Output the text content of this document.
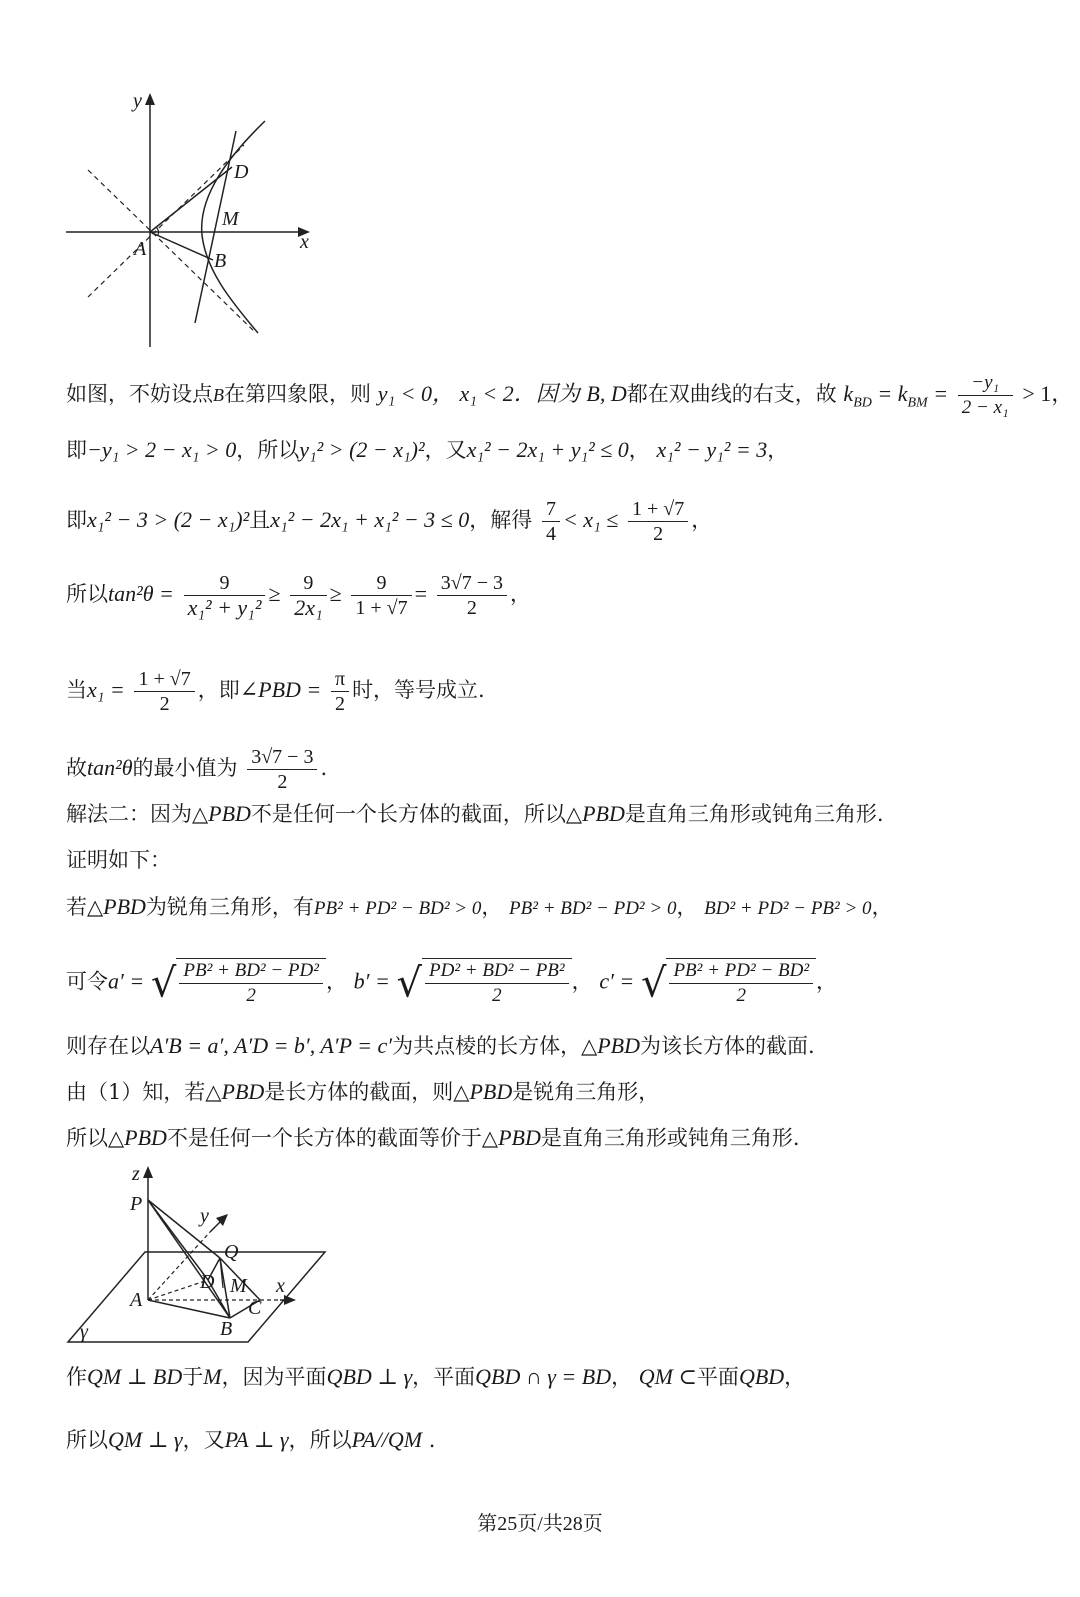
y
x
D
M
A
B
如图，不妨设点B在第四象限，则 y₁ < 0， x₁ < 2．因为 B, D都在双曲线的右支，故 $k_{BD} = k_{BM} = \frac{\text{−y₁}}{\text{2 − x₁}} > 1$，
即−y₁ > 2 − x₁ > 0，所以y₁² > (2 − x₁)²，又x₁² − 2x₁ + y₁² ≤ 0， x₁² − y₁² = 3，
即x₁² − 3 > (2 − x₁)²且x₁² − 2x₁ + x₁² − 3 ≤ 0，解得 $\frac{7}{4} < x_1 \le \frac{1 + √7}{2}$ ，
所以$\tan^2\theta = \frac{9}{\text{x₁² + y₁²}} \ge \frac{9}{\text{2x₁}} \ge \frac{9}{1 + √7} = \frac{3√7 - 3}{2}$ ，
当$x_1 = \frac{1 + √7}{2}$ ，即∠PBD = $\frac{\pi}{2}$ 时，等号成立.
故tan²θ的最小值为 $\frac{3√7 - 3}{2}$ .
解法二：因为△PBD不是任何一个长方体的截面，所以△PBD是直角三角形或钝角三角形.
证明如下：
若△PBD为锐角三角形，有PB² + PD² − BD² > 0， PB² + BD² − PD² > 0， BD² + PD² − PB² > 0，
可令a′ = √ $\frac{\text{PB² + BD² − PD²}}{2}$ ， b′ = √ $\frac{\text{PD² + BD² − PB²}}{2}$ ， c′ = √ $\frac{\text{PB² + PD² − BD²}}{2}$ ，
则存在以A′B = a′, A′D = b′, A′P = c′为共点棱的长方体，△PBD为该长方体的截面.
由（1）知，若△PBD是长方体的截面，则△PBD是锐角三角形，
所以△PBD不是任何一个长方体的截面等价于△PBD是直角三角形或钝角三角形.
z
P
y
Q
D M x
A	C
B
γ
作QM ⊥ BD于M，因为平面QBD ⊥ γ，平面QBD ∩ γ = BD， QM ⊂平面QBD，
所以QM ⊥ γ，又PA ⊥ γ，所以PA//QM .
第25页/共28页
